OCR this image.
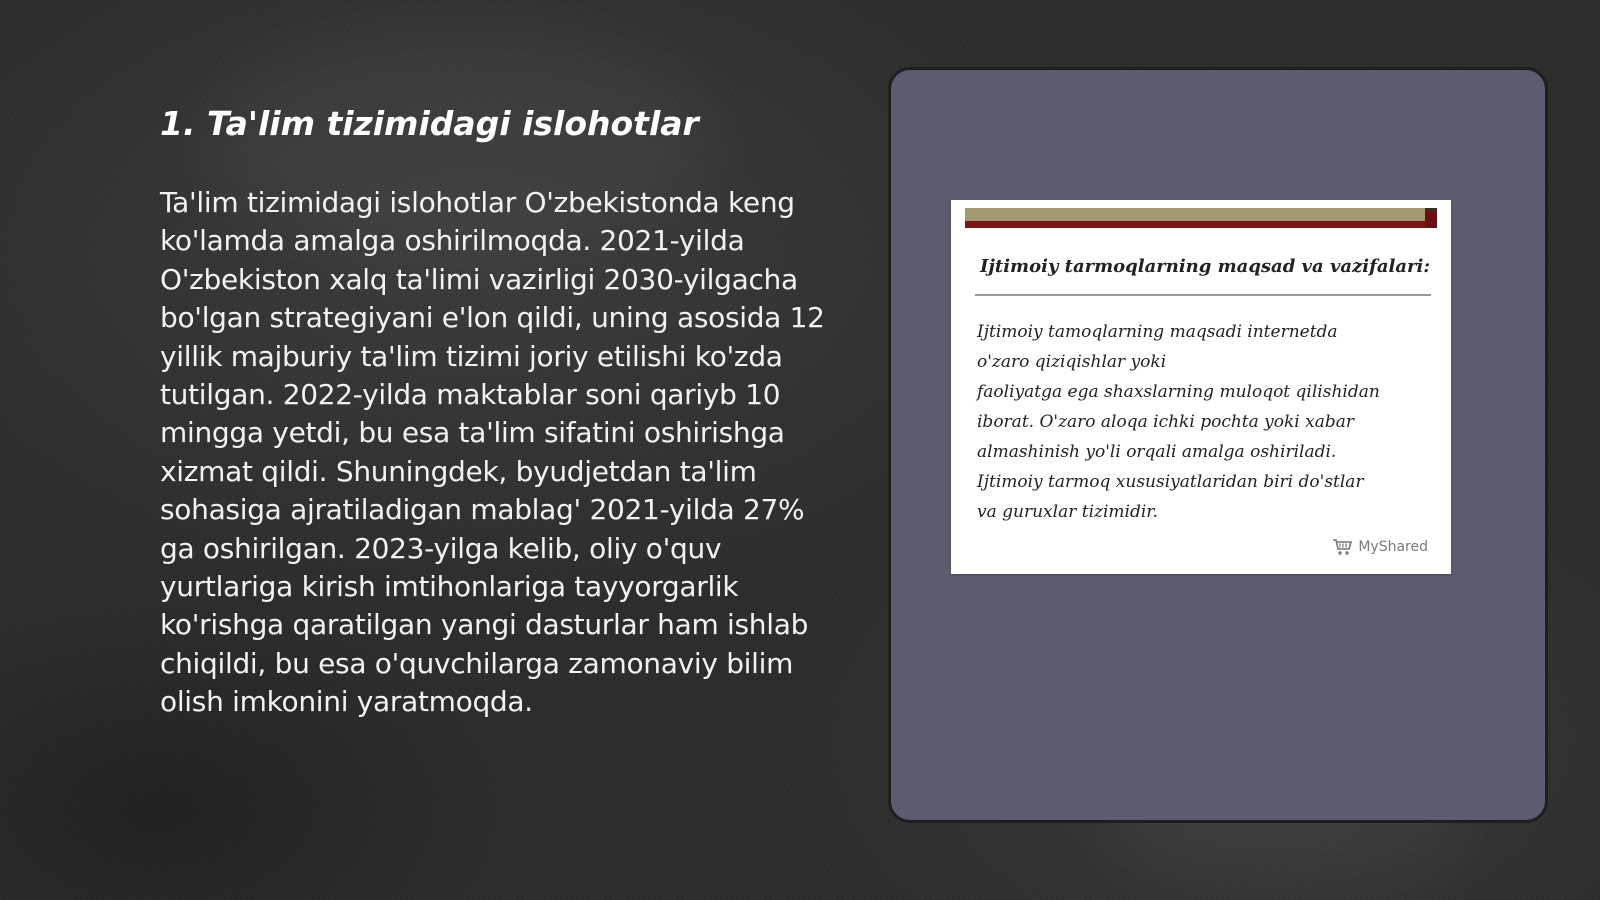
1. Ta'lim tizimidagi islohotlar

Ta'lim tizimidagi islohotlar O'zbekistonda keng ko'lamda amalga oshirilmoqda. 2021-yilda O'zbekiston xalq ta'limi vazirligi 2030-yilgacha bo'lgan strategiyani e'lon qildi, uning asosida 12 yillik majburiy ta'lim tizimi joriy etilishi ko'zda tutilgan. 2022-yilda maktablar soni qariyb 10 mingga yetdi, bu esa ta'lim sifatini oshirishga xizmat qildi. Shuningdek, byudjetdan ta'lim sohasiga ajratiladigan mablag' 2021-yilda 27% ga oshirilgan. 2023-yilga kelib, oliy o'quv yurtlariga kirish imtihonlariga tayyorgarlik ko'rishga qaratilgan yangi dasturlar ham ishlab chiqildi, bu esa o'quvchilarga zamonaviy bilim olish imkonini yaratmoqda.

Ijtimoiy tarmoqlarning maqsad va vazifalari:

Ijtimoiy tamoqlarning maqsadi internetda
o'zaro qiziqishlar yoki
faoliyatga ega shaxslarning muloqot qilishidan
iborat. O'zaro aloqa ichki pochta yoki xabar
almashinish yo'li orqali amalga oshiriladi.
Ijtimoiy tarmoq xususiyatlaridan biri do'stlar
va guruxlar tizimidir.

MyShared
